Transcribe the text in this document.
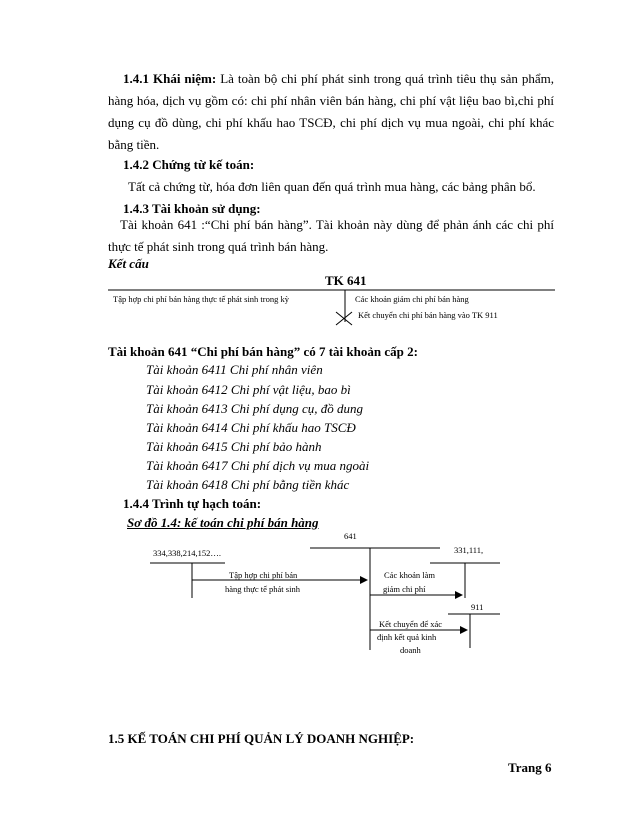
1.4.1 Khái niệm: Là toàn bộ chi phí phát sinh trong quá trình tiêu thụ sản phẩm, hàng hóa, dịch vụ gồm có: chi phí nhân viên bán hàng, chi phí vật liệu bao bì,chi phí dụng cụ đồ dùng, chi phí khấu hao TSCĐ, chi phí dịch vụ mua ngoài, chi phí khác bằng tiền.

1.4.2 Chứng từ kế toán:

Tất cả chứng từ, hóa đơn liên quan đến quá trình mua hàng, các bảng phân bổ.

1.4.3 Tài khoản sử dụng:

Tài khoản 641 :“Chi phí bán hàng”. Tài khoản này dùng để phản ánh các chi phí thực tế phát sinh trong quá trình bán hàng.

Kết cấu

TK 641

Tập hợp chi phí bán hàng thực tế phát sinh trong kỳ	Các khoản giảm chi phí bán hàng
Kết chuyển chi phí bán hàng vào TK 911

Tài khoản 641 “Chi phí bán hàng” có 7 tài khoản cấp 2:

Tài khoản 6411 Chi phí nhân viên
Tài khoản 6412 Chi phí vật liệu, bao bì
Tài khoản 6413 Chi phí dụng cụ, đồ dung
Tài khoản 6414 Chi phí khấu hao TSCĐ
Tài khoản 6415 Chi phí bảo hành
Tài khoản 6417 Chi phí dịch vụ mua ngoài
Tài khoản 6418 Chi phí bằng tiền khác

1.4.4 Trình tự hạch toán:

Sơ đồ 1.4: kế toán chi phí bán hàng

641
334,338,214,152….	331,111,
911
Tập hợp chi phí bán
hàng thực tế phát sinh
Các khoản làm
giảm chi phí
Kết chuyển để xác
định kết quả kinh
doanh

1.5 KẾ TOÁN CHI PHÍ QUẢN LÝ DOANH NGHIỆP:

Trang 6
